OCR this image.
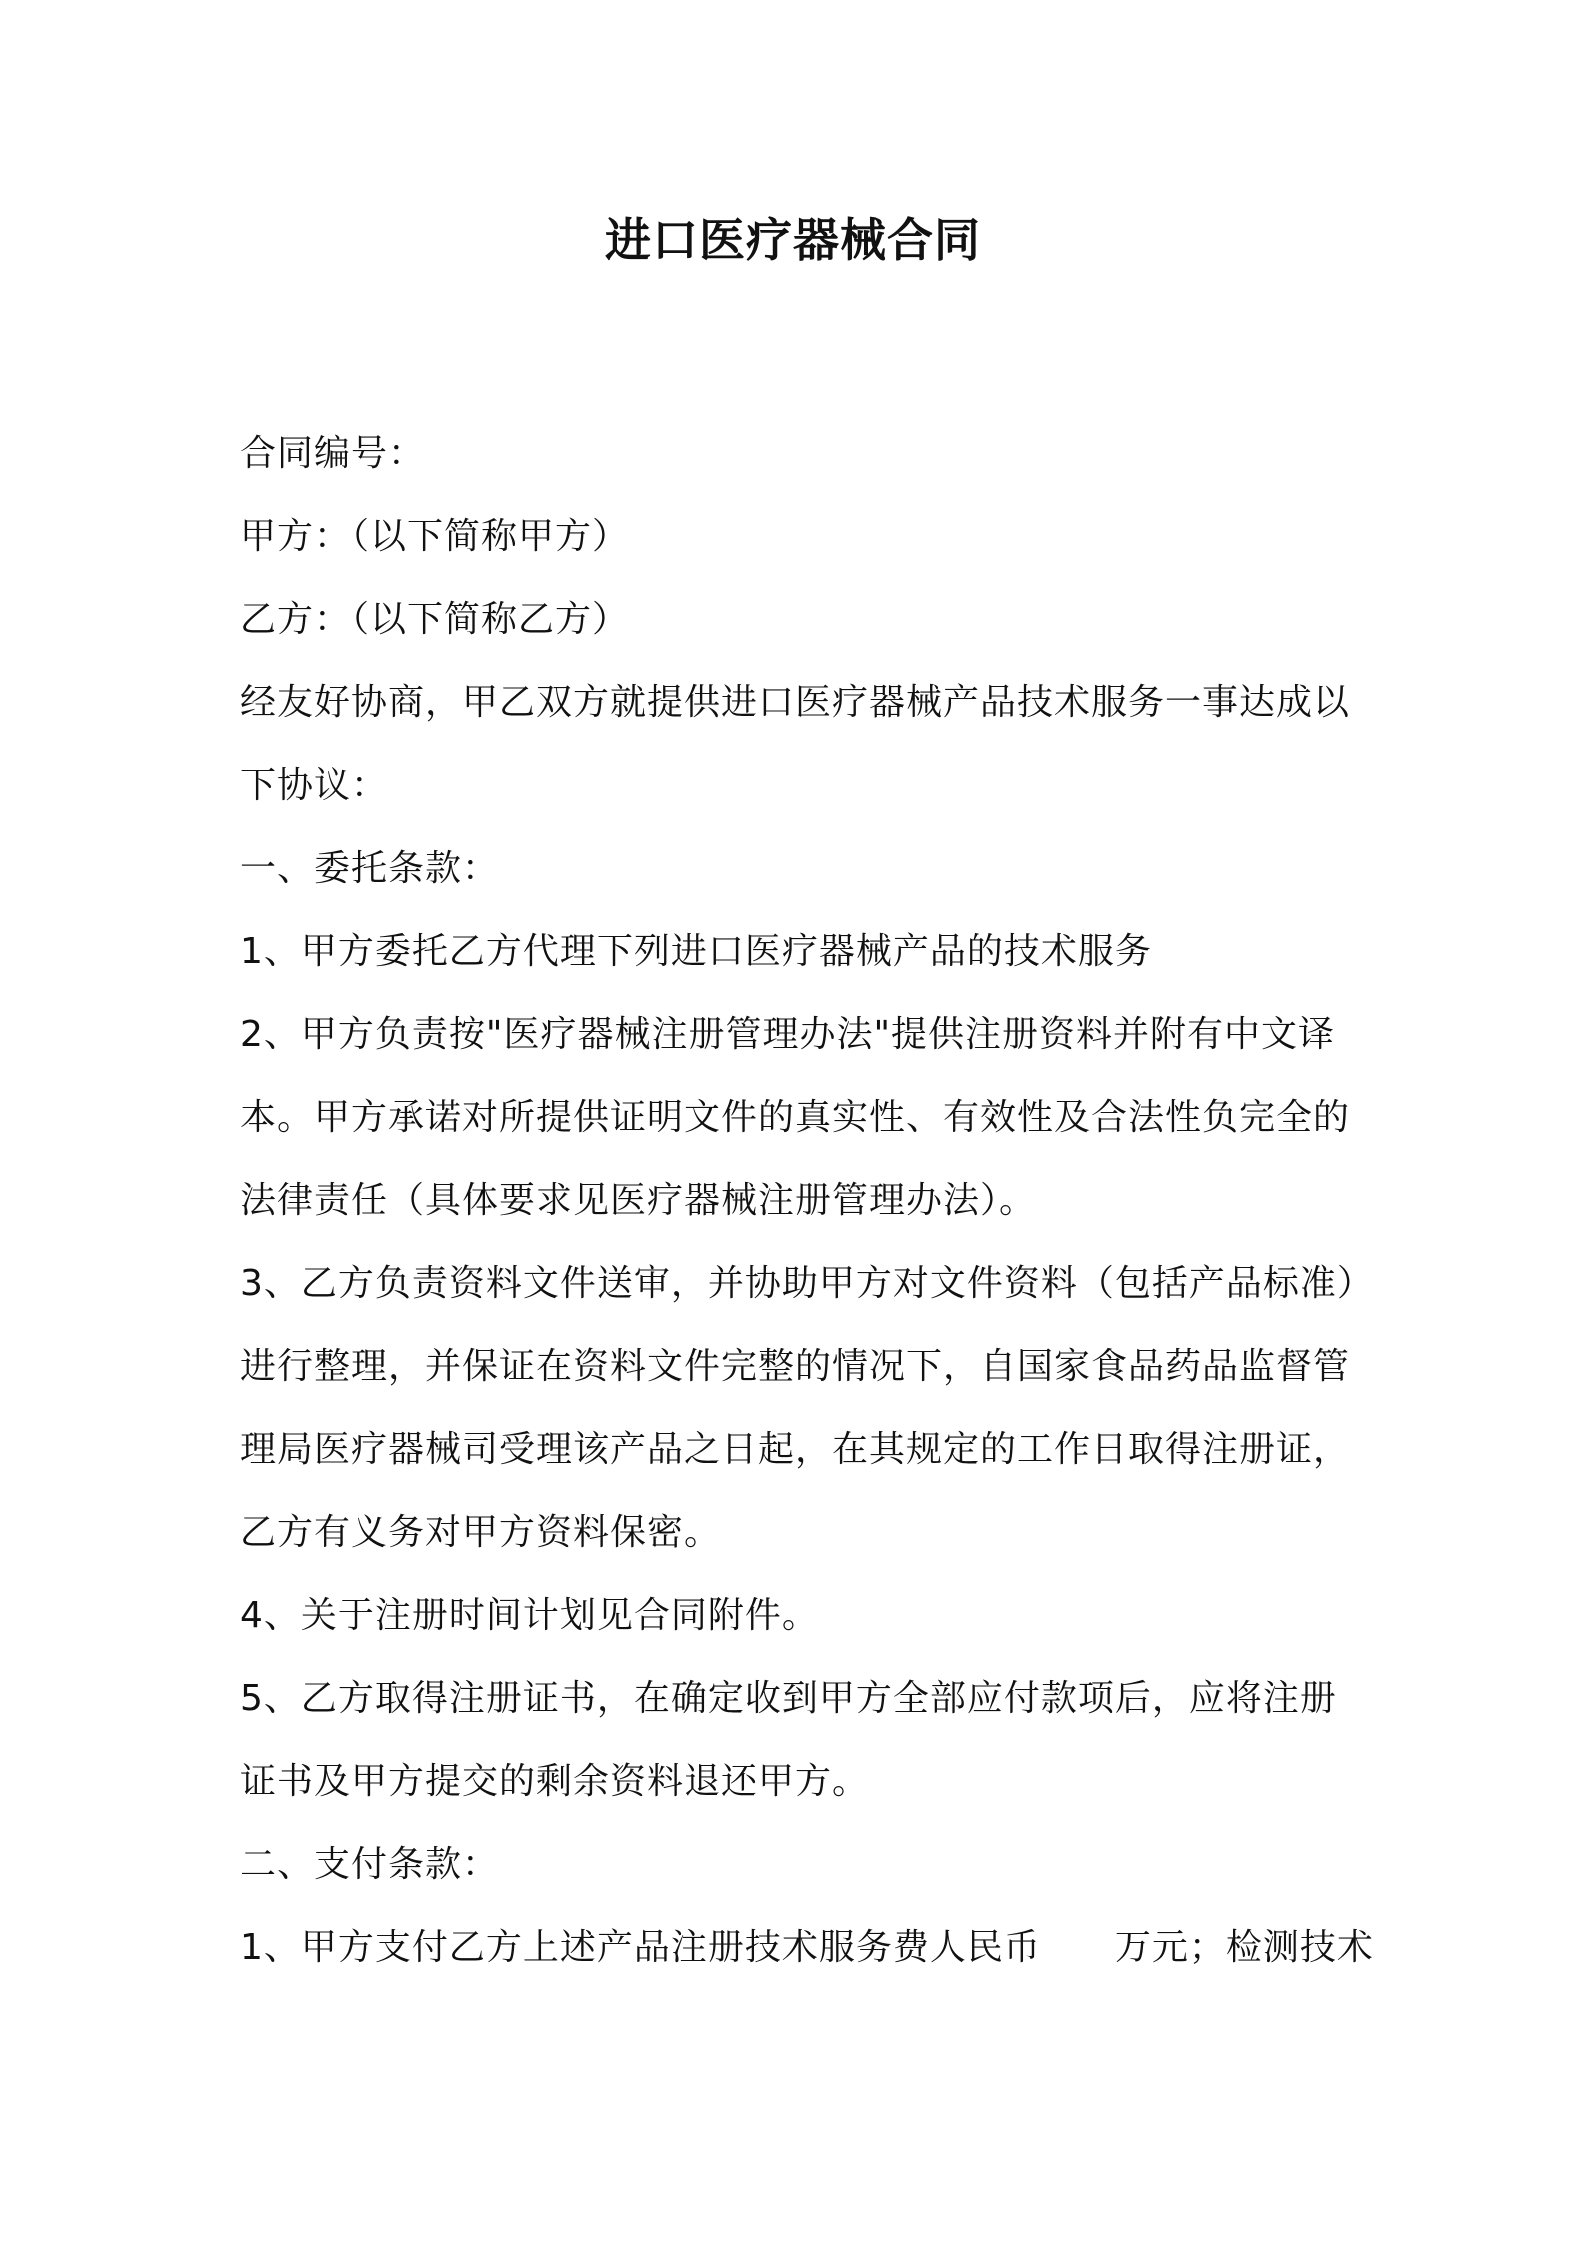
进口医疗器械合同
合同编号：
甲方：（以下简称甲方）
乙方：（以下简称乙方）
经友好协商，甲乙双方就提供进口医疗器械产品技术服务一事达成以
下协议：
一、委托条款：
1、甲方委托乙方代理下列进口医疗器械产品的技术服务
2、甲方负责按"医疗器械注册管理办法"提供注册资料并附有中文译
本。甲方承诺对所提供证明文件的真实性、有效性及合法性负完全的
法律责任（具体要求见医疗器械注册管理办法）。
3、乙方负责资料文件送审，并协助甲方对文件资料（包括产品标准）
进行整理，并保证在资料文件完整的情况下，自国家食品药品监督管
理局医疗器械司受理该产品之日起，在其规定的工作日取得注册证，
乙方有义务对甲方资料保密。
4、关于注册时间计划见合同附件。
5、乙方取得注册证书，在确定收到甲方全部应付款项后，应将注册
证书及甲方提交的剩余资料退还甲方。
二、支付条款：
1、甲方支付乙方上述产品注册技术服务费人民币　　万元；检测技术
